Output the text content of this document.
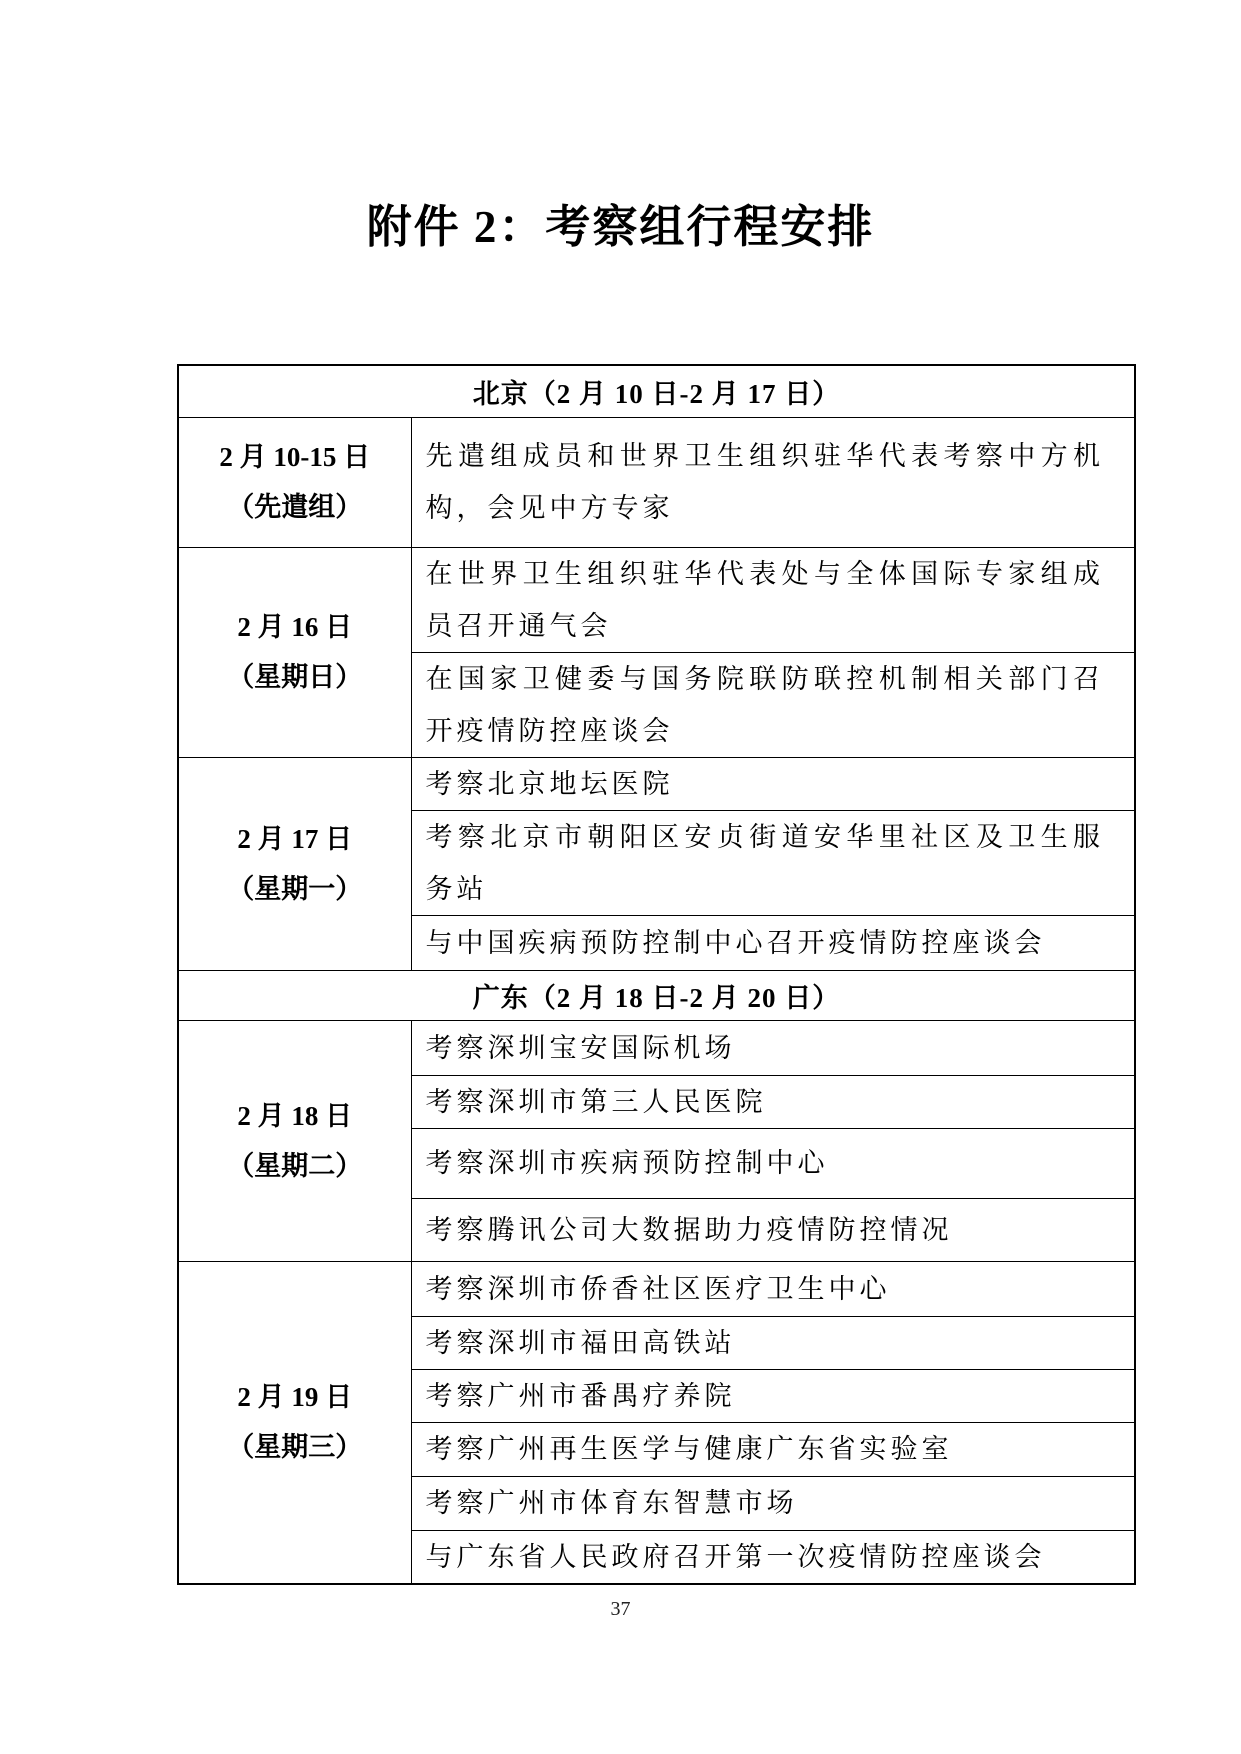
附件 2：考察组行程安排
北京（2 月 10 日-2 月 17 日）	

2 月 10-15 日
（先遣组）	先遣组成员和世界卫生组织驻华代表考察中方机构，会见中方专家

2 月 16 日
（星期日）	在世界卫生组织驻华代表处与全体国际专家组成员召开通气会
	在国家卫健委与国务院联防联控机制相关部门召开疫情防控座谈会

2 月 17 日
（星期一）	考察北京地坛医院
	考察北京市朝阳区安贞街道安华里社区及卫生服务站
	与中国疾病预防控制中心召开疫情防控座谈会
广东（2 月 18 日-2 月 20 日）	

2 月 18 日
（星期二）	考察深圳宝安国际机场
	考察深圳市第三人民医院
	考察深圳市疾病预防控制中心
	考察腾讯公司大数据助力疫情防控情况

2 月 19 日
（星期三）	考察深圳市侨香社区医疗卫生中心
	考察深圳市福田高铁站
	考察广州市番禺疗养院
	考察广州再生医学与健康广东省实验室
	考察广州市体育东智慧市场
	与广东省人民政府召开第一次疫情防控座谈会
37
